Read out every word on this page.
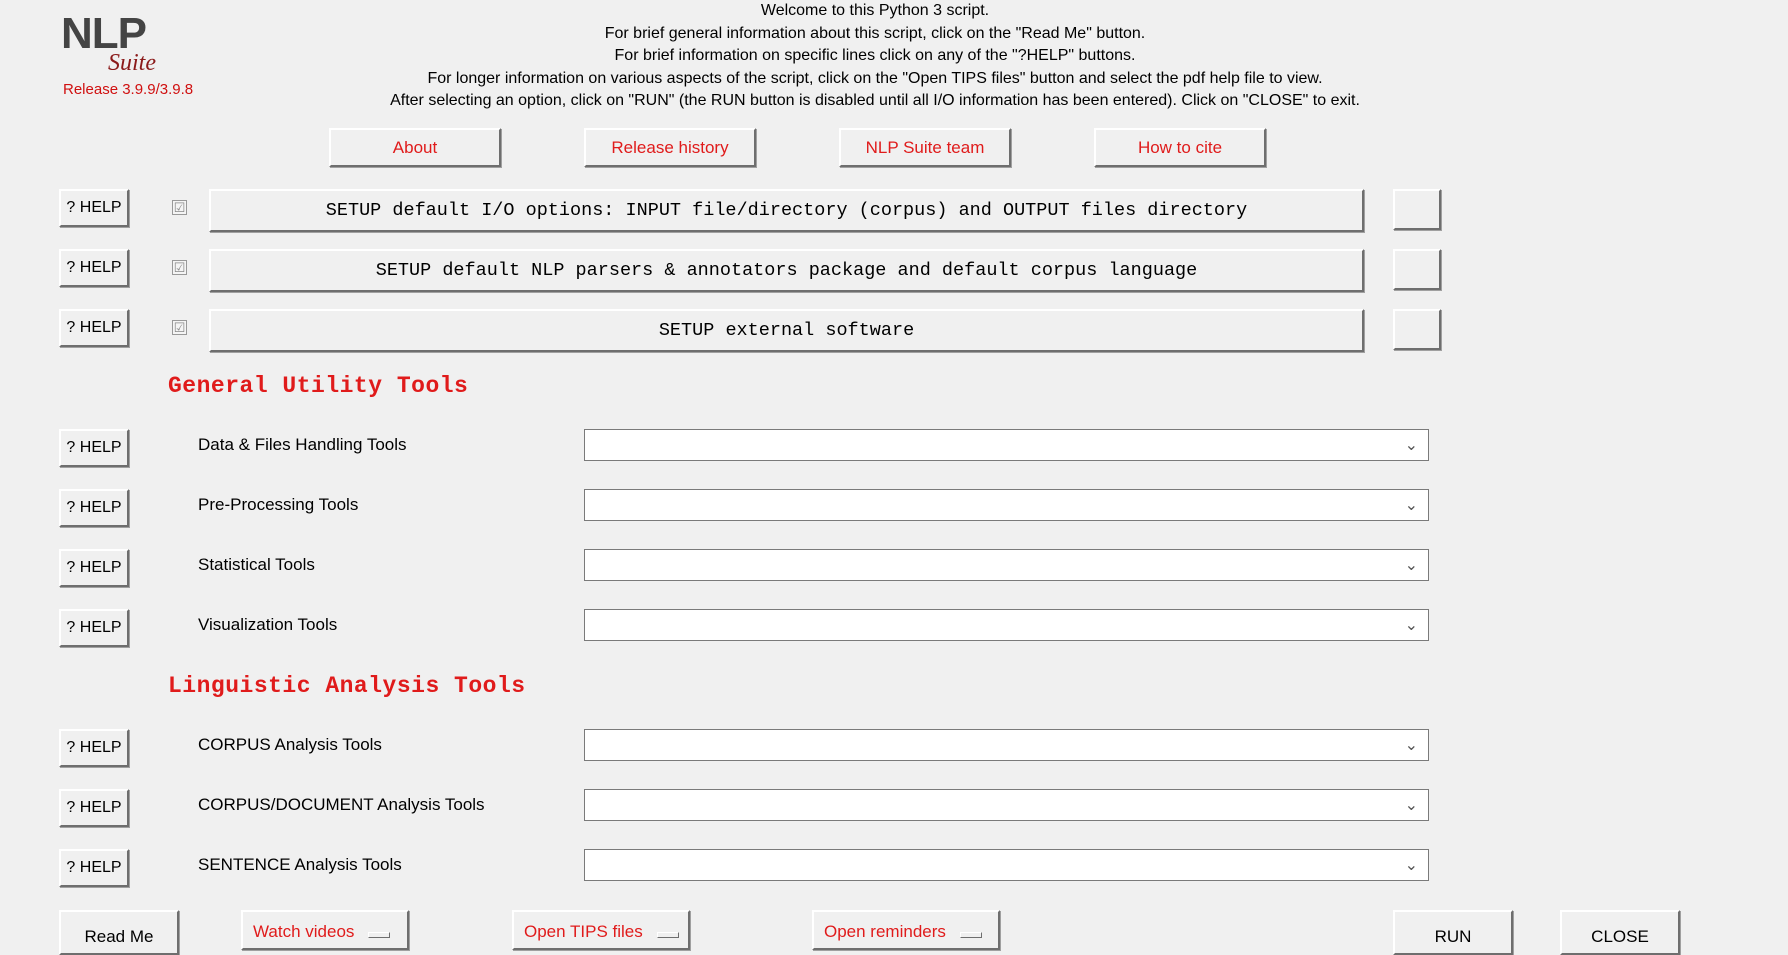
NLP
Suite
Release 3.9.9/3.9.8
Welcome to this Python 3 script.
For brief general information about this script, click on the "Read Me" button.
For brief information on specific lines click on any of the "?HELP" buttons.
For longer information on various aspects of the script, click on the "Open TIPS files" button and select the pdf help file to view.
After selecting an option, click on "RUN" (the RUN button is disabled until all I/O information has been entered). Click on "CLOSE" to exit.
About	Release history	NLP Suite team	How to cite
? HELP	☑	SETUP default I/O options: INPUT file/directory (corpus) and OUTPUT files directory
? HELP	☑	SETUP default NLP parsers & annotators package and default corpus language
? HELP	☑	SETUP external software
General Utility Tools
? HELP	Data & Files Handling Tools	⌄
? HELP	Pre-Processing Tools	⌄
? HELP	Statistical Tools	⌄
? HELP	Visualization Tools	⌄
Linguistic Analysis Tools
? HELP	CORPUS Analysis Tools	⌄
? HELP	CORPUS/DOCUMENT Analysis Tools	⌄
? HELP	SENTENCE Analysis Tools	⌄
Read Me	Watch videos	Open TIPS files	Open reminders	RUN	CLOSE
